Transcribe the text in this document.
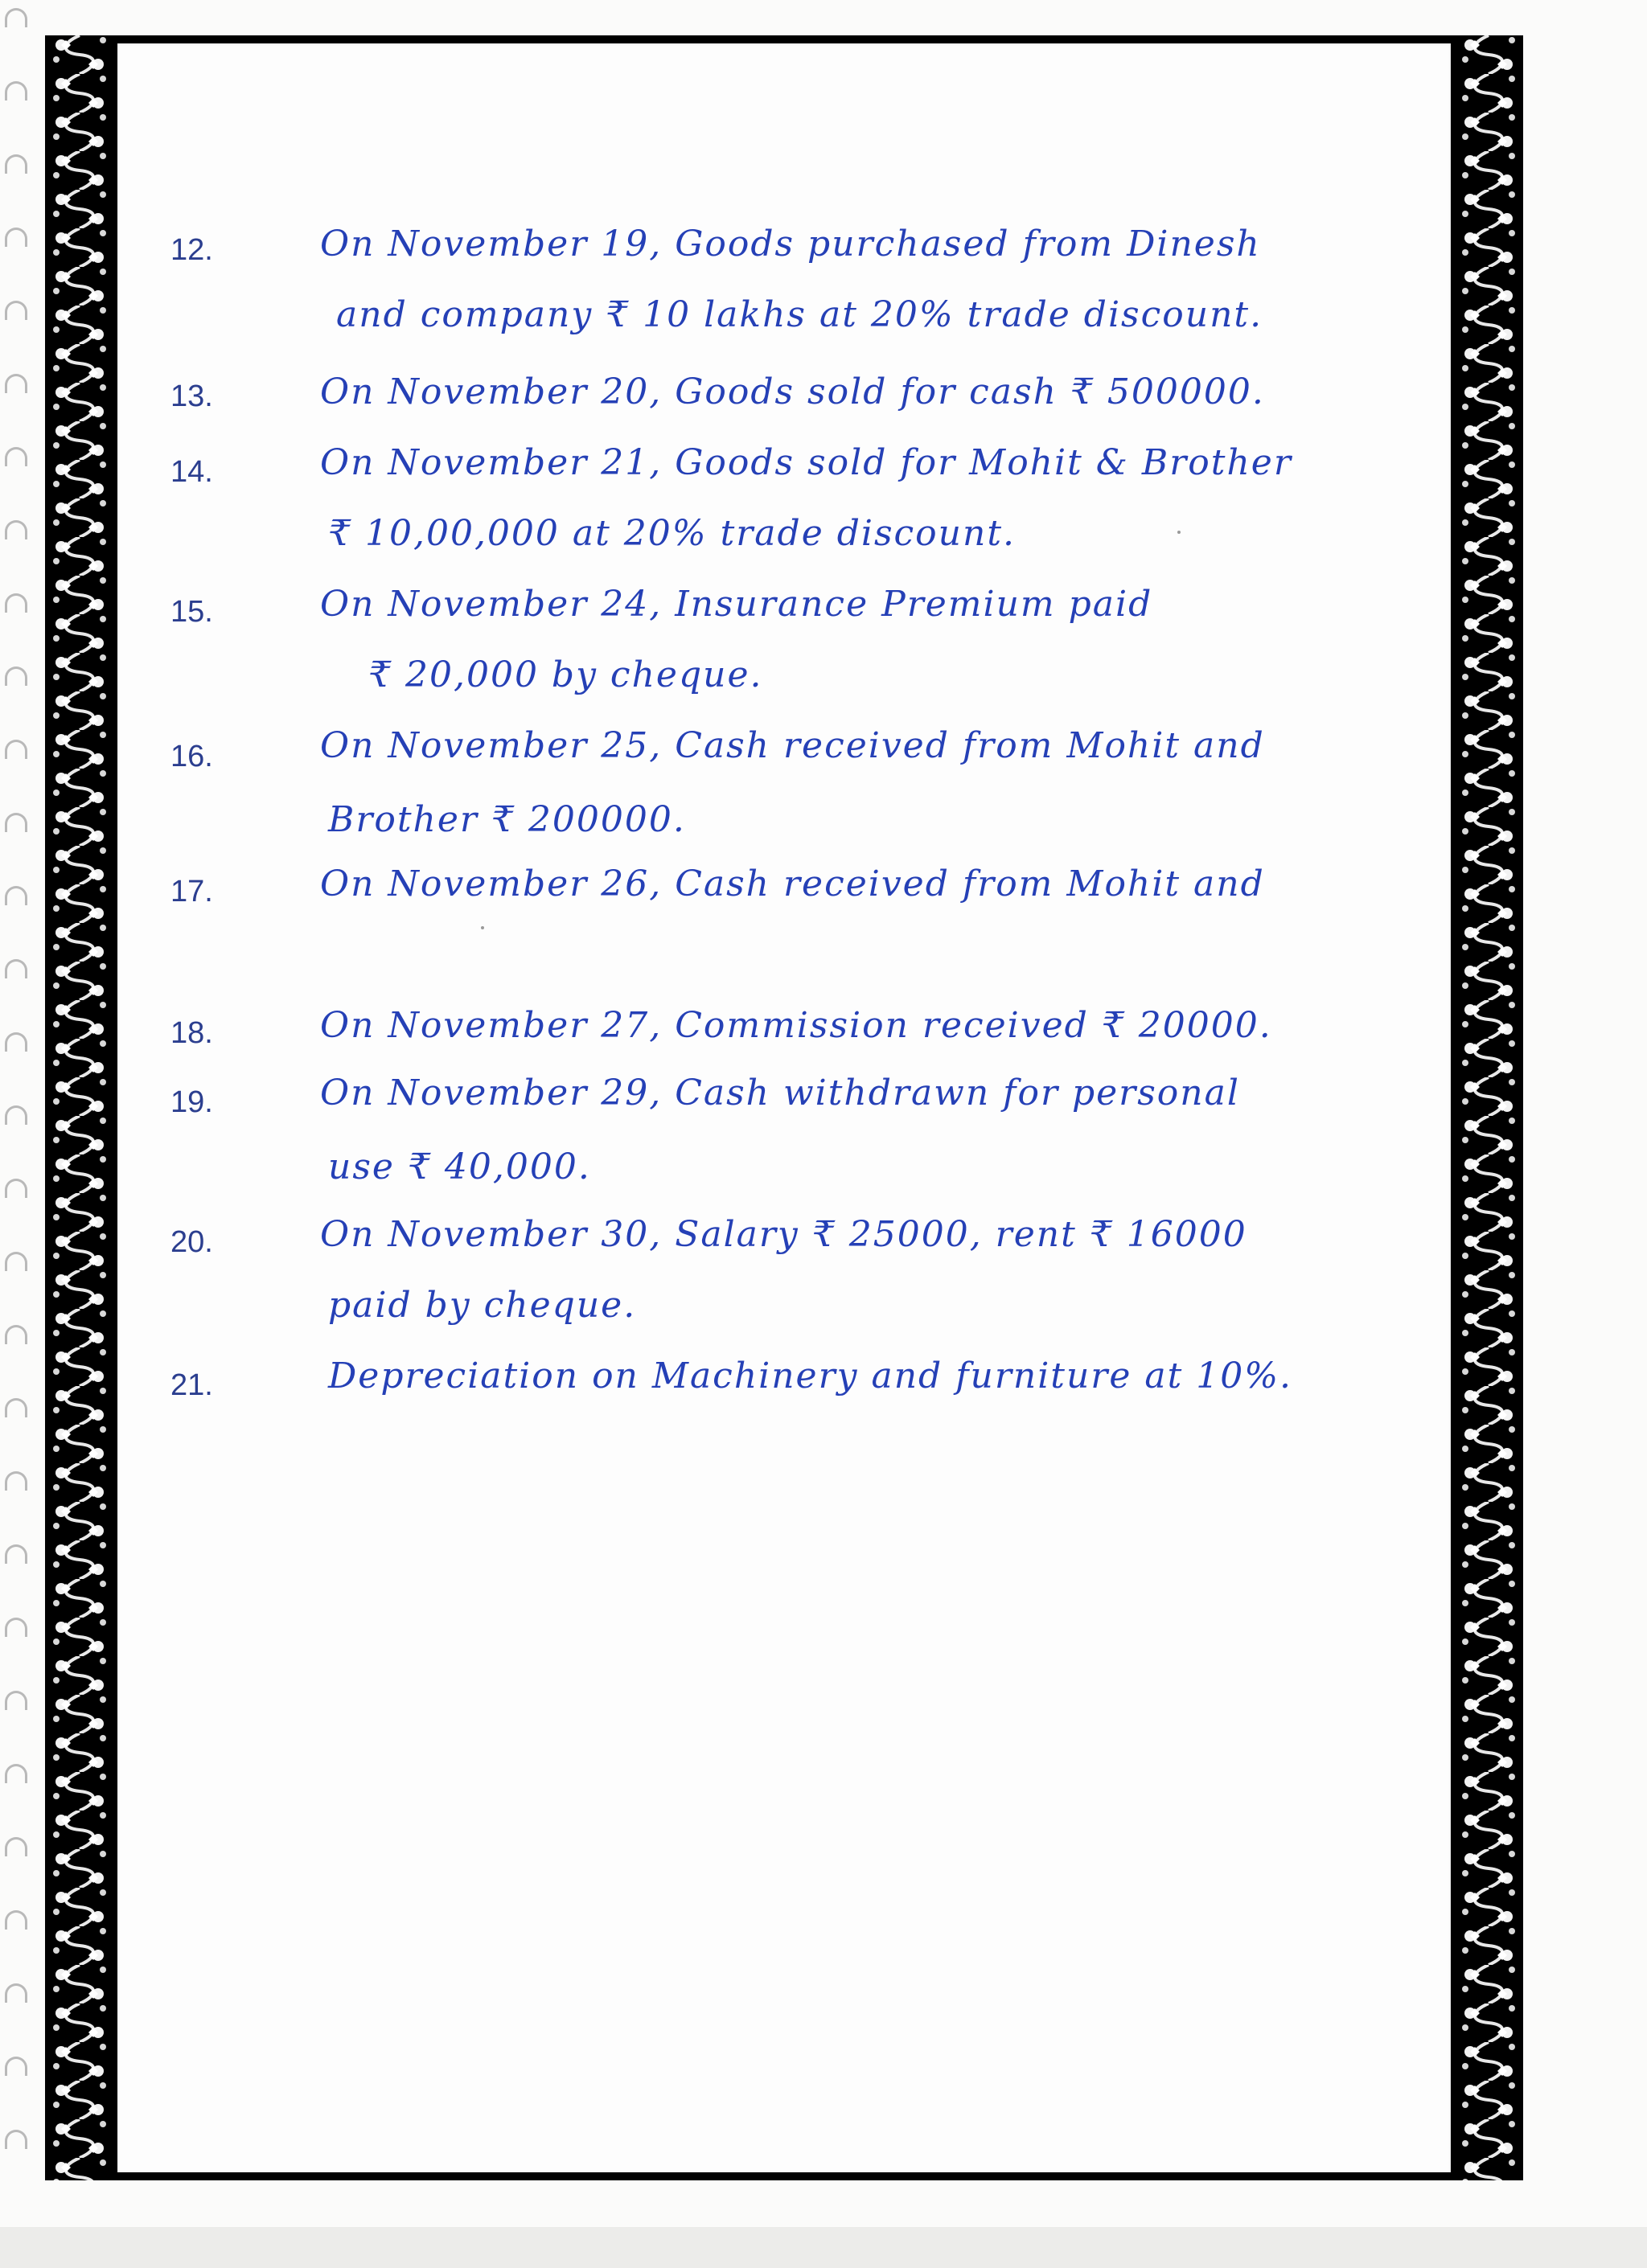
12.	On November 19, Goods purchased from Dinesh
and company ₹ 10 lakhs at 20% trade discount.
13.	On November 20, Goods sold for cash ₹ 500000.
14.	On November 21, Goods sold for Mohit & Brother
₹ 10,00,000 at 20% trade discount.
15.	On November 24, Insurance Premium paid
₹ 20,000 by cheque.
16.	On November 25, Cash received from Mohit and
Brother ₹ 200000.
17.	On November 26, Cash received from Mohit and
18.	On November 27, Commission received ₹ 20000.
19.	On November 29, Cash withdrawn for personal
use ₹ 40,000.
20.	On November 30, Salary ₹ 25000, rent ₹ 16000
paid by cheque.
21.	Depreciation on Machinery and furniture at 10%.
